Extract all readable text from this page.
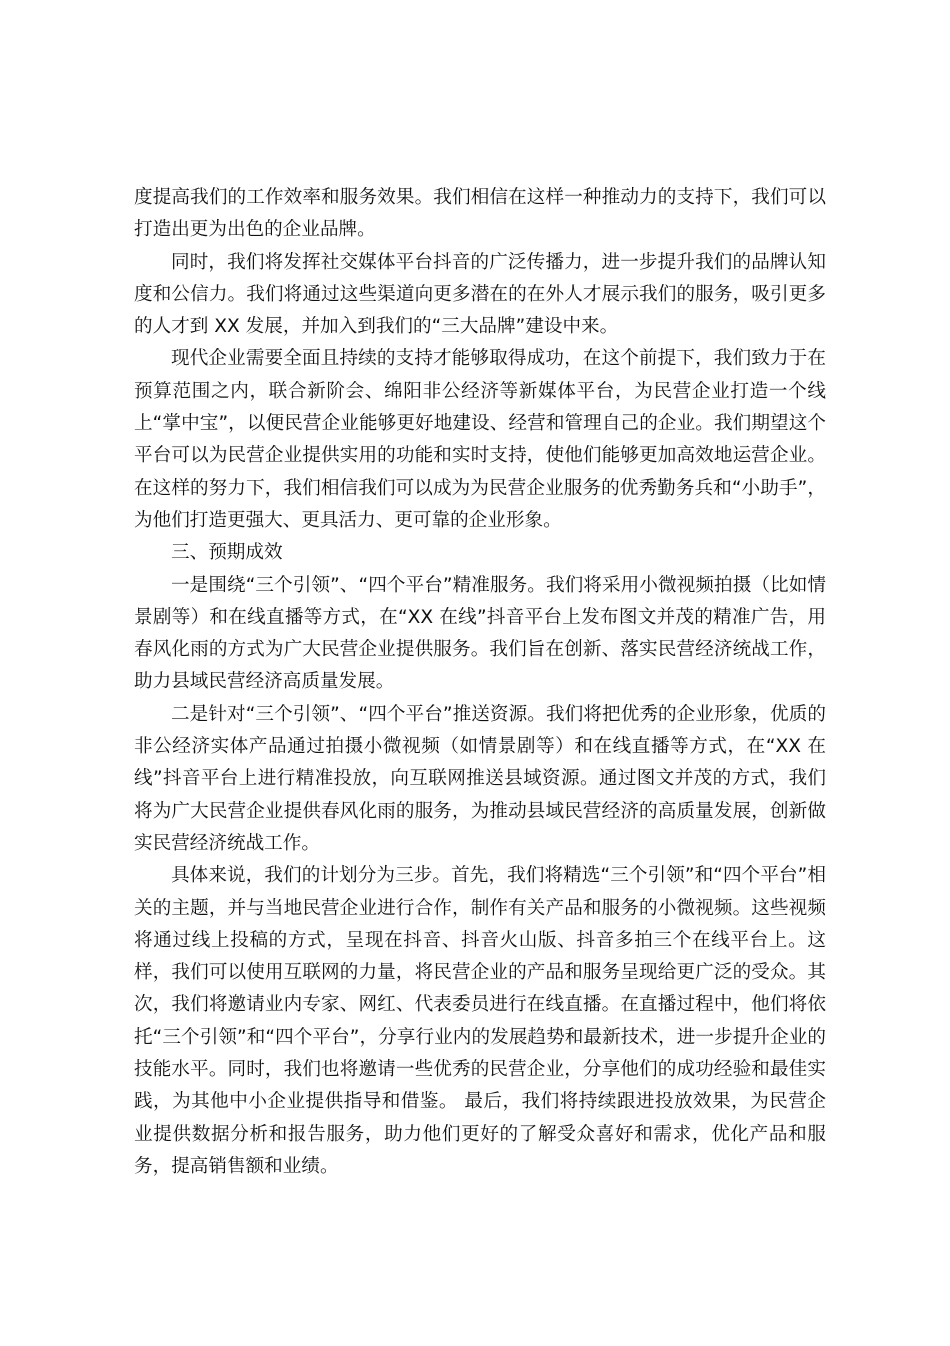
度提高我们的工作效率和服务效果。我们相信在这样一种推动力的支持下，我们可以打造出更为出色的企业品牌。

同时，我们将发挥社交媒体平台抖音的广泛传播力，进一步提升我们的品牌认知度和公信力。我们将通过这些渠道向更多潜在的在外人才展示我们的服务，吸引更多的人才到 XX 发展，并加入到我们的“三大品牌”建设中来。

现代企业需要全面且持续的支持才能够取得成功，在这个前提下，我们致力于在预算范围之内，联合新阶会、绵阳非公经济等新媒体平台，为民营企业打造一个线上“掌中宝”，以便民营企业能够更好地建设、经营和管理自己的企业。我们期望这个平台可以为民营企业提供实用的功能和实时支持，使他们能够更加高效地运营企业。在这样的努力下，我们相信我们可以成为为民营企业服务的优秀勤务兵和“小助手”，为他们打造更强大、更具活力、更可靠的企业形象。

三、预期成效

一是围绕“三个引领”、“四个平台”精准服务。我们将采用小微视频拍摄（比如情景剧等）和在线直播等方式，在“XX 在线”抖音平台上发布图文并茂的精准广告，用春风化雨的方式为广大民营企业提供服务。我们旨在创新、落实民营经济统战工作，助力县域民营经济高质量发展。

二是针对“三个引领”、“四个平台”推送资源。我们将把优秀的企业形象，优质的非公经济实体产品通过拍摄小微视频（如情景剧等）和在线直播等方式，在“XX 在线”抖音平台上进行精准投放，向互联网推送县域资源。通过图文并茂的方式，我们将为广大民营企业提供春风化雨的服务，为推动县域民营经济的高质量发展，创新做实民营经济统战工作。

具体来说，我们的计划分为三步。首先，我们将精选“三个引领”和“四个平台”相关的主题，并与当地民营企业进行合作，制作有关产品和服务的小微视频。这些视频将通过线上投稿的方式，呈现在抖音、抖音火山版、抖音多拍三个在线平台上。这样，我们可以使用互联网的力量，将民营企业的产品和服务呈现给更广泛的受众。其次，我们将邀请业内专家、网红、代表委员进行在线直播。在直播过程中，他们将依托“三个引领”和“四个平台”，分享行业内的发展趋势和最新技术，进一步提升企业的技能水平。同时，我们也将邀请一些优秀的民营企业，分享他们的成功经验和最佳实践，为其他中小企业提供指导和借鉴。 最后，我们将持续跟进投放效果，为民营企业提供数据分析和报告服务，助力他们更好的了解受众喜好和需求，优化产品和服务，提高销售额和业绩。
